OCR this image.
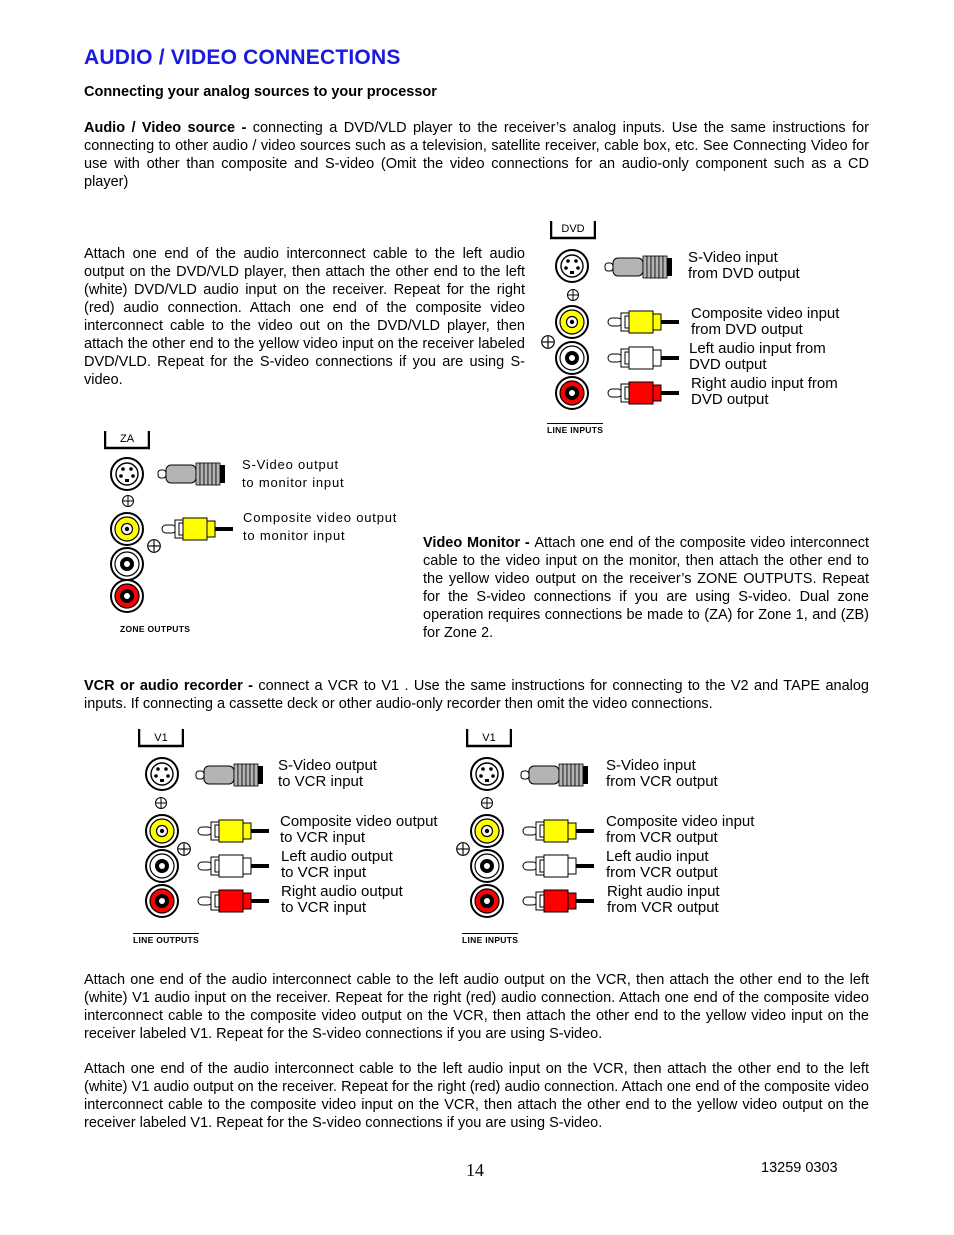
AUDIO / VIDEO CONNECTIONS
Connecting your analog sources to your processor
Audio / Video source - connecting a DVD/VLD player to the receiver’s analog inputs. Use the same instructions for connecting to other audio / video sources such as a television, satellite receiver, cable box, etc. See Connecting Video for use with other than composite and S-video (Omit the video connections for an audio-only component such as a CD player)
Attach one end of the audio interconnect cable to the left audio output on the DVD/VLD player, then attach the other end to the left (white) DVD/VLD audio input on the receiver. Repeat for the right (red) audio connection. Attach one end of the composite video interconnect cable to the video out on the DVD/VLD player, then attach the other end to the yellow video input on the receiver labeled DVD/VLD. Repeat for the S-video connections if you are using S-video.
DVD
S-Video input
from DVD output
Composite video input
from DVD output
Left audio input from
DVD output
Right audio input from
DVD output
LINE INPUTS
ZA
S-Video output
to monitor input
Composite video output
to monitor input
ZONE OUTPUTS
Video Monitor - Attach one end of the composite video interconnect cable to the video input on the monitor, then attach the other end to the yellow video output on the receiver’s ZONE OUTPUTS. Repeat for the S-video connections if you are using S-video. Dual zone operation requires connections be made to (ZA) for Zone 1, and (ZB) for Zone 2.
VCR or audio recorder - connect a VCR to V1 . Use the same instructions for connecting to the V2 and TAPE analog inputs. If connecting a cassette deck or other audio-only recorder then omit the video connections.
V1
S-Video output
to VCR input
Composite video output
to VCR input
Left audio output
to VCR input
Right audio output
to VCR input
LINE OUTPUTS
V1
S-Video input
from VCR output
Composite video input
from VCR output
Left audio input
from VCR output
Right audio input
from VCR output
LINE INPUTS
Attach one end of the audio interconnect cable to the left audio output on the VCR, then attach the other end to the left (white) V1 audio input on the receiver. Repeat for the right (red) audio connection. Attach one end of the composite video interconnect cable to the composite video output on the VCR, then attach the other end to the yellow video input on the receiver labeled V1. Repeat for the S-video connections if you are using S-video.
Attach one end of the audio interconnect cable to the left audio input on the VCR, then attach the other end to the left (white) V1 audio output on the receiver. Repeat for the right (red) audio connection. Attach one end of the composite video interconnect cable to the composite video input on the VCR, then attach the other end to the yellow video output on the receiver labeled V1. Repeat for the S-video connections if you are using S-video.
14	13259 0303
